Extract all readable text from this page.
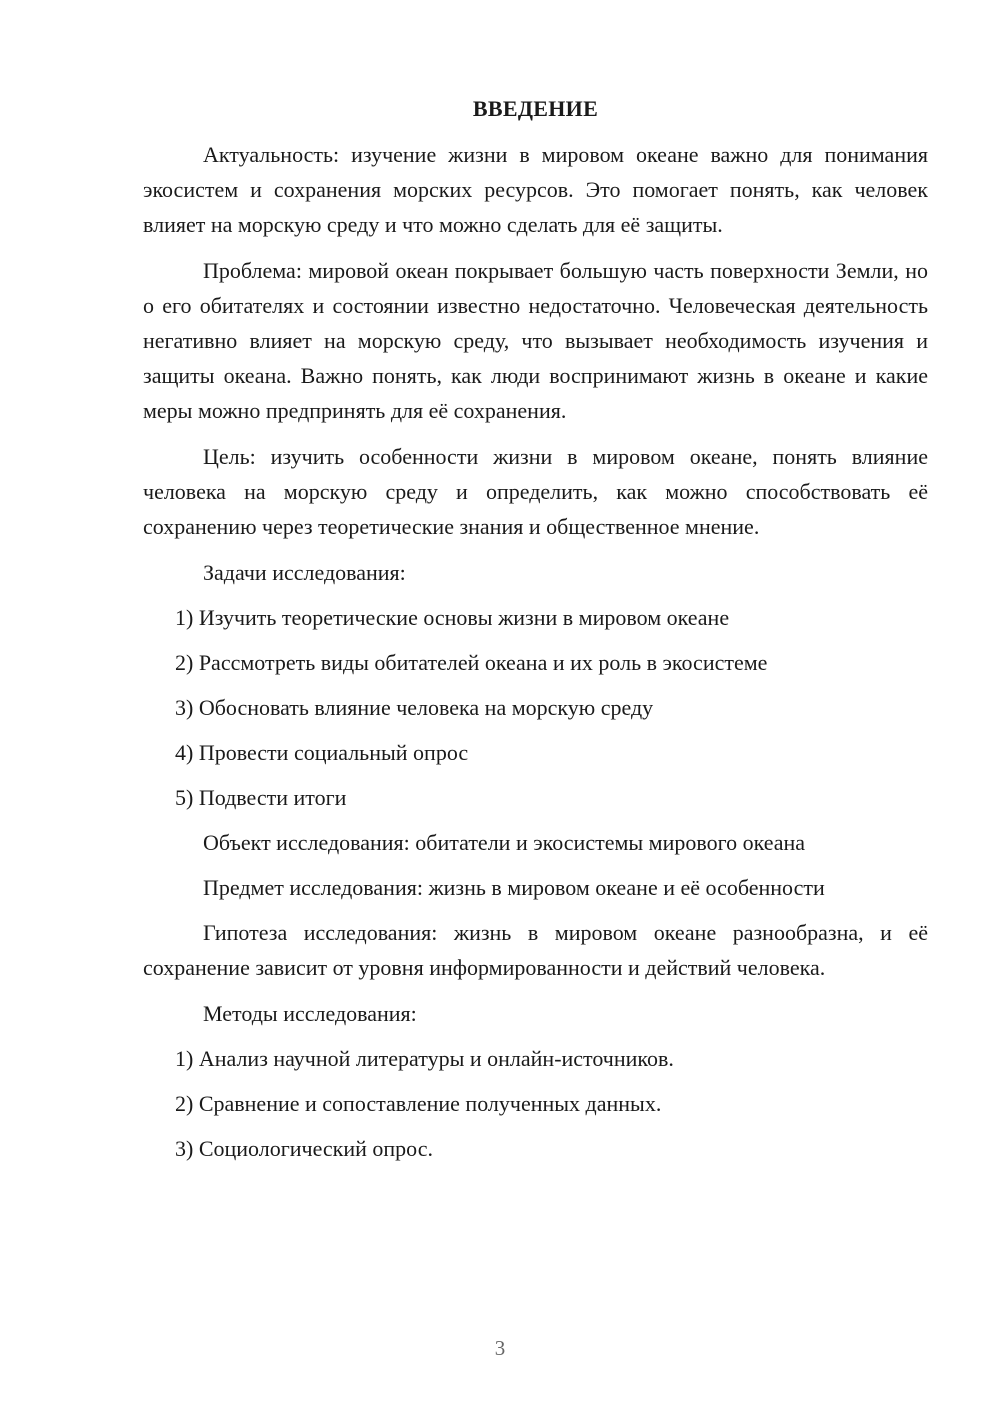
ВВЕДЕНИЕ

Актуальность: изучение жизни в мировом океане важно для понимания экосистем и сохранения морских ресурсов. Это помогает понять, как человек влияет на морскую среду и что можно сделать для её защиты.

Проблема: мировой океан покрывает большую часть поверхности Земли, но о его обитателях и состоянии известно недостаточно. Человеческая деятельность негативно влияет на морскую среду, что вызывает необходимость изучения и защиты океана. Важно понять, как люди воспринимают жизнь в океане и какие меры можно предпринять для её сохранения.

Цель: изучить особенности жизни в мировом океане, понять влияние человека на морскую среду и определить, как можно способствовать её сохранению через теоретические знания и общественное мнение.

Задачи исследования:

1) Изучить теоретические основы жизни в мировом океане

2) Рассмотреть виды обитателей океана и их роль в экосистеме

3) Обосновать влияние человека на морскую среду

4) Провести социальный опрос

5) Подвести итоги

Объект исследования: обитатели и экосистемы мирового океана

Предмет исследования: жизнь в мировом океане и её особенности

Гипотеза исследования: жизнь в мировом океане разнообразна, и её сохранение зависит от уровня информированности и действий человека.

Методы исследования:

1) Анализ научной литературы и онлайн-источников.

2) Сравнение и сопоставление полученных данных.

3) Социологический опрос.

3
